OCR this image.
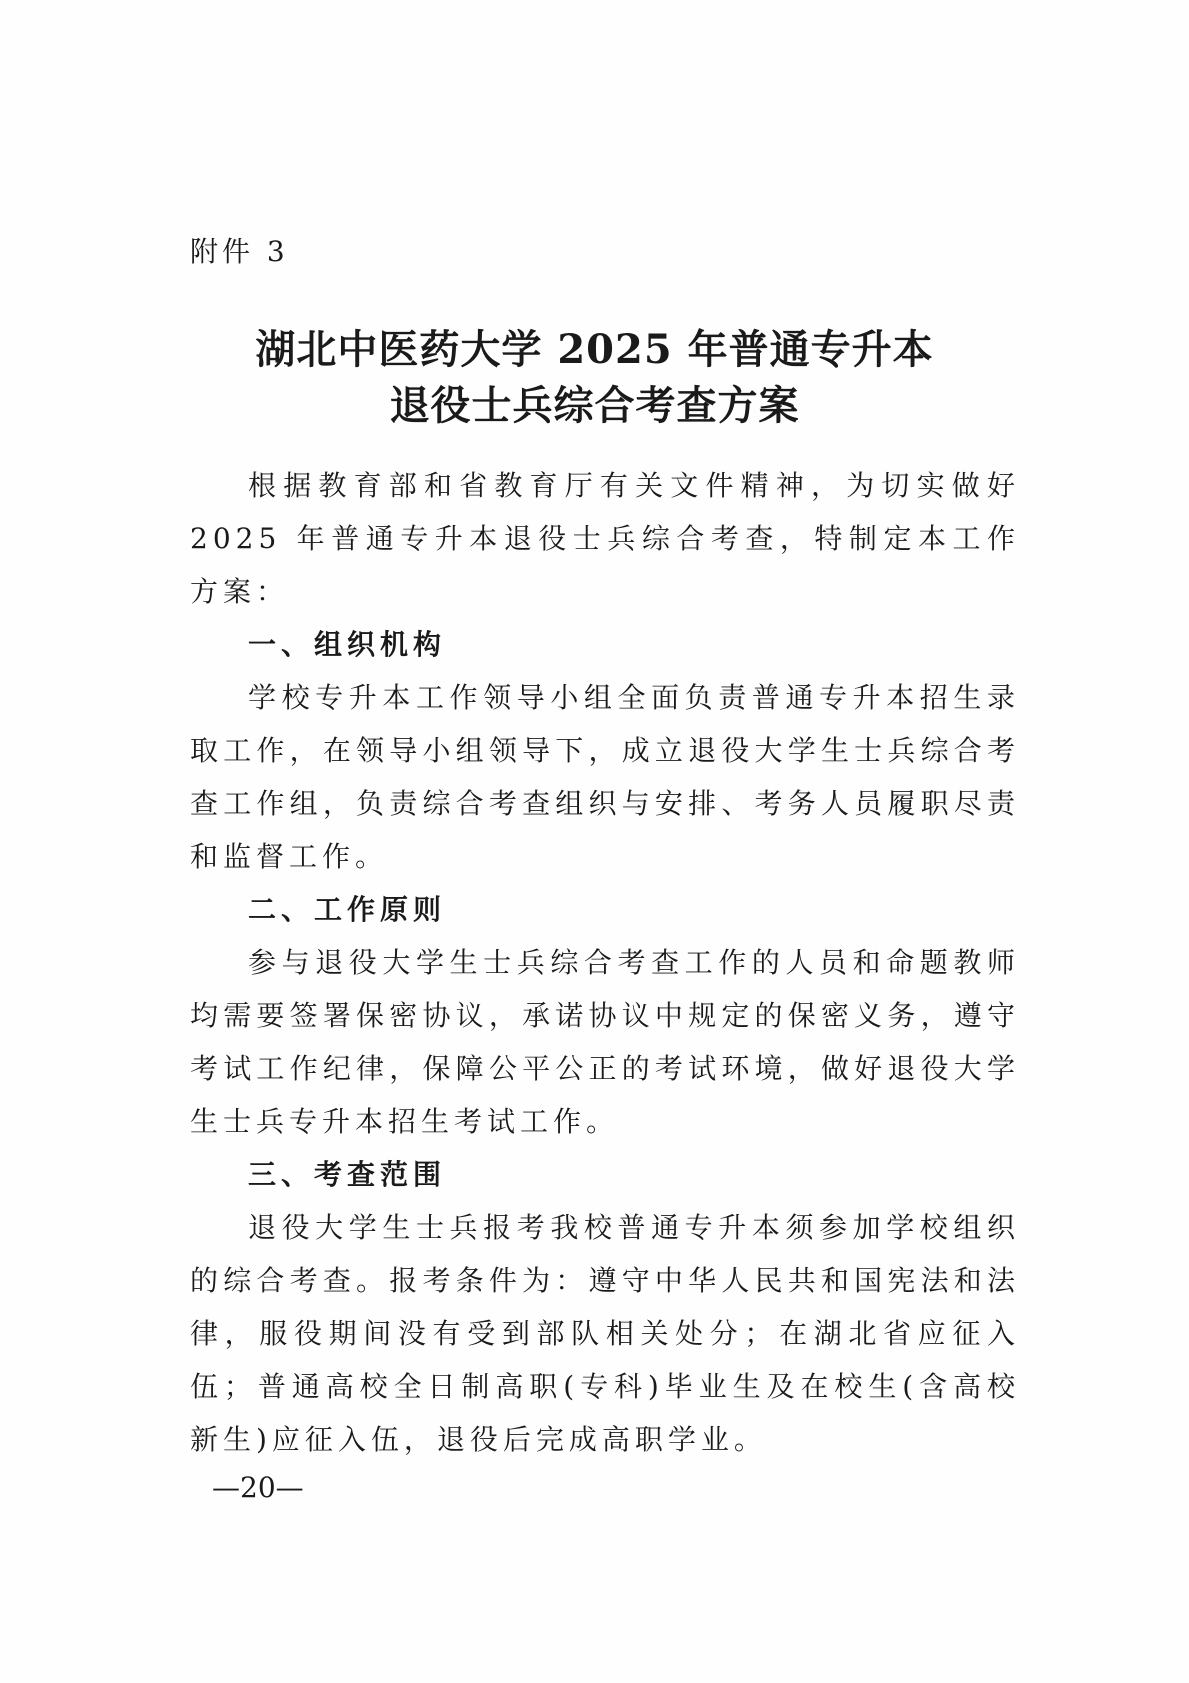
附件 3
湖北中医药大学 2025 年普通专升本
退役士兵综合考查方案

根据教育部和省教育厅有关文件精神，为切实做好 2025 年普通专升本退役士兵综合考查，特制定本工作方案：

一、组织机构

学校专升本工作领导小组全面负责普通专升本招生录取工作，在领导小组领导下，成立退役大学生士兵综合考查工作组，负责综合考查组织与安排、考务人员履职尽责和监督工作。

二、工作原则

参与退役大学生士兵综合考查工作的人员和命题教师均需要签署保密协议，承诺协议中规定的保密义务，遵守考试工作纪律，保障公平公正的考试环境，做好退役大学生士兵专升本招生考试工作。

三、考查范围

退役大学生士兵报考我校普通专升本须参加学校组织的综合考查。报考条件为：遵守中华人民共和国宪法和法律，服役期间没有受到部队相关处分；在湖北省应征入伍；普通高校全日制高职(专科)毕业生及在校生(含高校新生)应征入伍，退役后完成高职学业。

—20—
